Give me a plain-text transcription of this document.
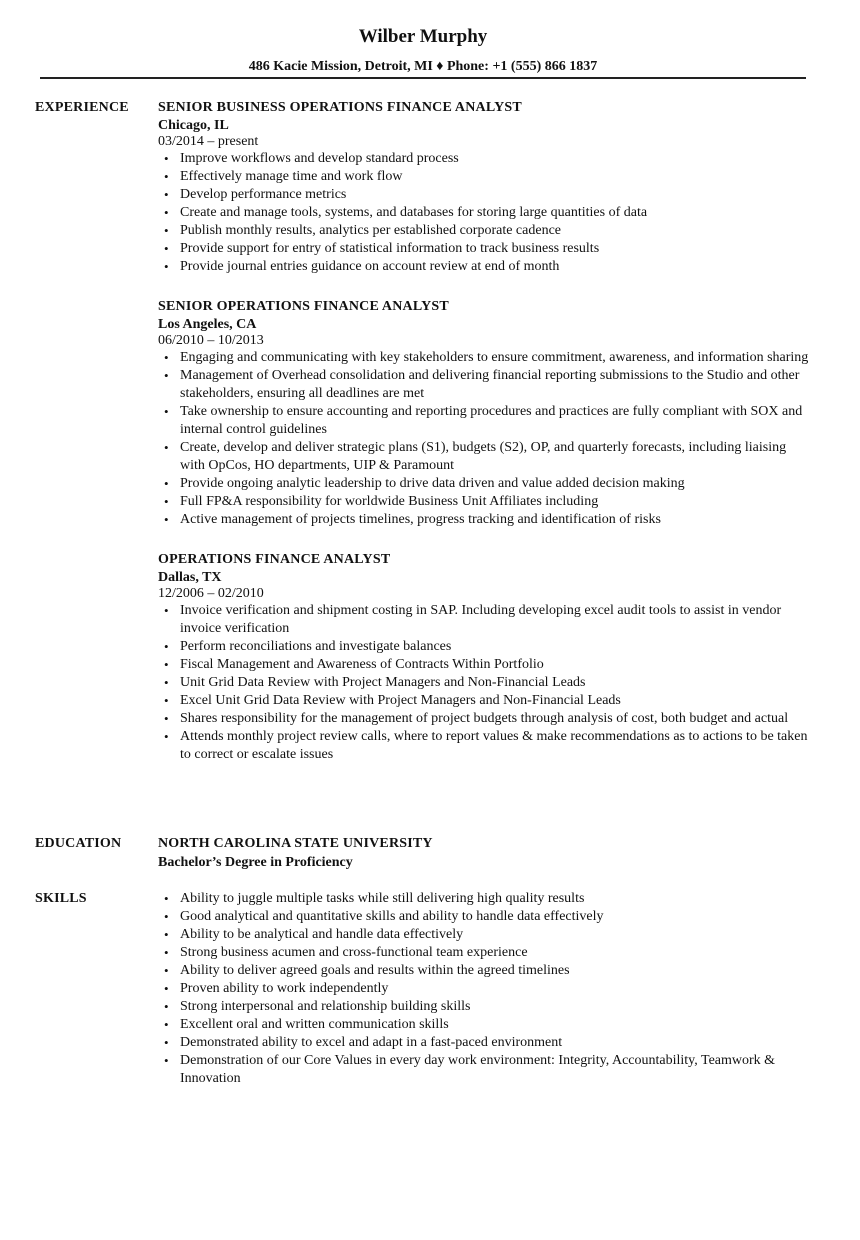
Wilber Murphy
486 Kacie Mission, Detroit, MI ♦ Phone: +1 (555) 866 1837
EXPERIENCE SENIOR BUSINESS OPERATIONS FINANCE ANALYST
Chicago, IL
03/2014 – present
• Improve workflows and develop standard process
• Effectively manage time and work flow
• Develop performance metrics
• Create and manage tools, systems, and databases for storing large quantities of data
• Publish monthly results, analytics per established corporate cadence
• Provide support for entry of statistical information to track business results
• Provide journal entries guidance on account review at end of month
SENIOR OPERATIONS FINANCE ANALYST
Los Angeles, CA
06/2010 – 10/2013
• Engaging and communicating with key stakeholders to ensure commitment, awareness, and information sharing
• Management of Overhead consolidation and delivering financial reporting submissions to the Studio and other stakeholders, ensuring all deadlines are met
• Take ownership to ensure accounting and reporting procedures and practices are fully compliant with SOX and internal control guidelines
• Create, develop and deliver strategic plans (S1), budgets (S2), OP, and quarterly forecasts, including liaising with OpCos, HO departments, UIP & Paramount
• Provide ongoing analytic leadership to drive data driven and value added decision making
• Full FP&A responsibility for worldwide Business Unit Affiliates including
• Active management of projects timelines, progress tracking and identification of risks
OPERATIONS FINANCE ANALYST
Dallas, TX
12/2006 – 02/2010
• Invoice verification and shipment costing in SAP. Including developing excel audit tools to assist in vendor invoice verification
• Perform reconciliations and investigate balances
• Fiscal Management and Awareness of Contracts Within Portfolio
• Unit Grid Data Review with Project Managers and Non-Financial Leads
• Excel Unit Grid Data Review with Project Managers and Non-Financial Leads
• Shares responsibility for the management of project budgets through analysis of cost, both budget and actual
• Attends monthly project review calls, where to report values & make recommendations as to actions to be taken to correct or escalate issues
EDUCATION	NORTH CAROLINA STATE UNIVERSITY
Bachelor’s Degree in Proficiency
SKILLS	• Ability to juggle multiple tasks while still delivering high quality results
• Good analytical and quantitative skills and ability to handle data effectively
• Ability to be analytical and handle data effectively
• Strong business acumen and cross-functional team experience
• Ability to deliver agreed goals and results within the agreed timelines
• Proven ability to work independently
• Strong interpersonal and relationship building skills
• Excellent oral and written communication skills
• Demonstrated ability to excel and adapt in a fast-paced environment
• Demonstration of our Core Values in every day work environment: Integrity, Accountability, Teamwork & Innovation
